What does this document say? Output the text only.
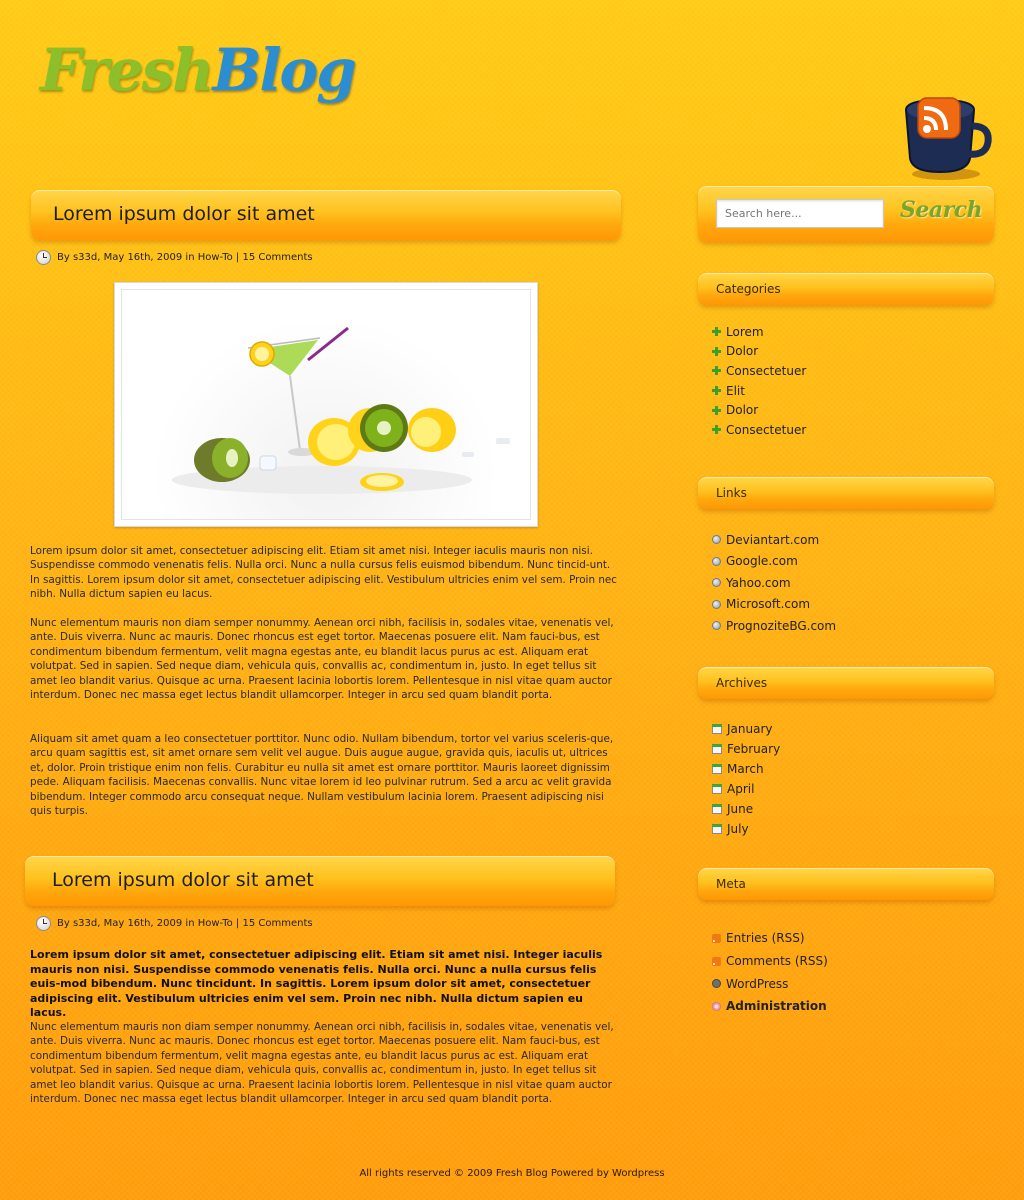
FreshBlog
Lorem ipsum dolor sit amet
By s33d, May 16th, 2009 in How-To | 15 Comments

Lorem ipsum dolor sit amet, consectetuer adipiscing elit. Etiam sit amet nisi. Integer iaculis mauris non nisi. Suspendisse commodo venenatis felis. Nulla orci. Nunc a nulla cursus felis euismod bibendum. Nunc tincid-unt. In sagittis. Lorem ipsum dolor sit amet, consectetuer adipiscing elit. Vestibulum ultricies enim vel sem. Proin nec nibh. Nulla dictum sapien eu lacus.

Nunc elementum mauris non diam semper nonummy. Aenean orci nibh, facilisis in, sodales vitae, venenatis vel, ante. Duis viverra. Nunc ac mauris. Donec rhoncus est eget tortor. Maecenas posuere elit. Nam fauci-bus, est condimentum bibendum fermentum, velit magna egestas ante, eu blandit lacus purus ac est. Aliquam erat volutpat. Sed in sapien. Sed neque diam, vehicula quis, convallis ac, condimentum in, justo. In eget tellus sit amet leo blandit varius. Quisque ac urna. Praesent lacinia lobortis lorem. Pellentesque in nisl vitae quam auctor interdum. Donec nec massa eget lectus blandit ullamcorper. Integer in arcu sed quam blandit porta.

Aliquam sit amet quam a leo consectetuer porttitor. Nunc odio. Nullam bibendum, tortor vel varius sceleris-que, arcu quam sagittis est, sit amet ornare sem velit vel augue. Duis augue augue, gravida quis, iaculis ut, ultrices et, dolor. Proin tristique enim non felis. Curabitur eu nulla sit amet est ornare porttitor. Mauris laoreet dignissim pede. Aliquam facilisis. Maecenas convallis. Nunc vitae lorem id leo pulvinar rutrum. Sed a arcu ac velit gravida bibendum. Integer commodo arcu consequat neque. Nullam vestibulum lacinia lorem. Praesent adipiscing nisi quis turpis.

Lorem ipsum dolor sit amet
By s33d, May 16th, 2009 in How-To | 15 Comments

Lorem ipsum dolor sit amet, consectetuer adipiscing elit. Etiam sit amet nisi. Integer iaculis mauris non nisi. Suspendisse commodo venenatis felis. Nulla orci. Nunc a nulla cursus felis euis-mod bibendum. Nunc tincidunt. In sagittis. Lorem ipsum dolor sit amet, consectetuer adipiscing elit. Vestibulum ultricies enim vel sem. Proin nec nibh. Nulla dictum sapien eu lacus.

Nunc elementum mauris non diam semper nonummy. Aenean orci nibh, facilisis in, sodales vitae, venenatis vel, ante. Duis viverra. Nunc ac mauris. Donec rhoncus est eget tortor. Maecenas posuere elit. Nam fauci-bus, est condimentum bibendum fermentum, velit magna egestas ante, eu blandit lacus purus ac est. Aliquam erat volutpat. Sed in sapien. Sed neque diam, vehicula quis, convallis ac, condimentum in, justo. In eget tellus sit amet leo blandit varius. Quisque ac urna. Praesent lacinia lobortis lorem. Pellentesque in nisl vitae quam auctor interdum. Donec nec massa eget lectus blandit ullamcorper. Integer in arcu sed quam blandit porta.

Search here...
Search
Categories
Lorem
Dolor
Consectetuer
Elit
Dolor
Consectetuer
Links
Deviantart.com
Google.com
Yahoo.com
Microsoft.com
PrognoziteBG.com
Archives
January
February
March
April
June
July
Meta
Entries (RSS)
Comments (RSS)
WordPress
Administration
All rights reserved © 2009 Fresh Blog Powered by Wordpress
